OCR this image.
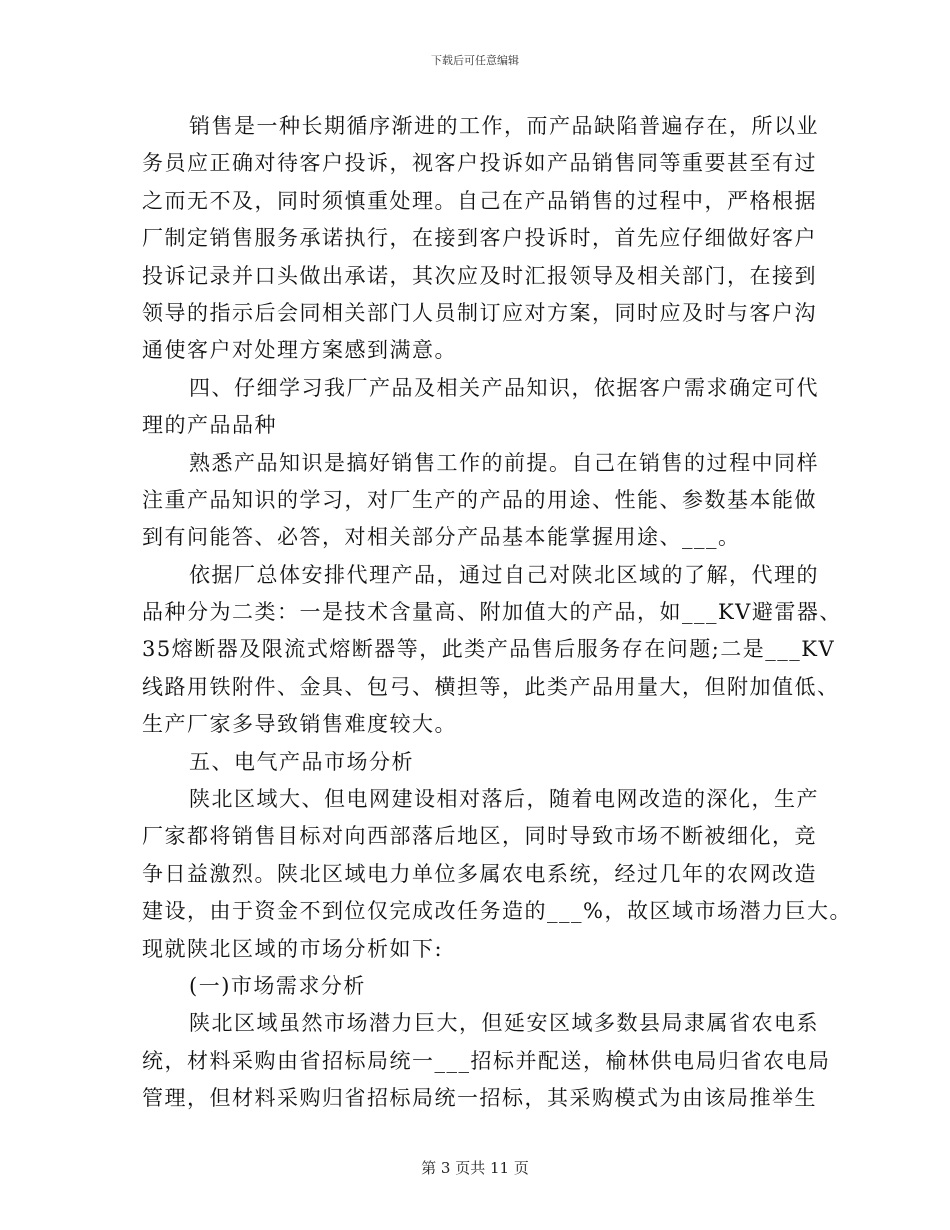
下载后可任意编辑
销售是一种长期循序渐进的工作，而产品缺陷普遍存在，所以业
务员应正确对待客户投诉，视客户投诉如产品销售同等重要甚至有过
之而无不及，同时须慎重处理。自己在产品销售的过程中，严格根据
厂制定销售服务承诺执行，在接到客户投诉时，首先应仔细做好客户
投诉记录并口头做出承诺，其次应及时汇报领导及相关部门，在接到
领导的指示后会同相关部门人员制订应对方案，同时应及时与客户沟
通使客户对处理方案感到满意。
四、仔细学习我厂产品及相关产品知识，依据客户需求确定可代
理的产品品种
熟悉产品知识是搞好销售工作的前提。自己在销售的过程中同样
注重产品知识的学习，对厂生产的产品的用途、性能、参数基本能做
到有问能答、必答，对相关部分产品基本能掌握用途、___。
依据厂总体安排代理产品，通过自己对陕北区域的了解，代理的
品种分为二类：一是技术含量高、附加值大的产品，如___KV避雷器、
35熔断器及限流式熔断器等，此类产品售后服务存在问题;二是___KV
线路用铁附件、金具、包弓、横担等，此类产品用量大，但附加值低、
生产厂家多导致销售难度较大。
五、电气产品市场分析
陕北区域大、但电网建设相对落后，随着电网改造的深化，生产
厂家都将销售目标对向西部落后地区，同时导致市场不断被细化，竞
争日益激烈。陕北区域电力单位多属农电系统，经过几年的农网改造
建设，由于资金不到位仅完成改任务造的___%，故区域市场潜力巨大。
现就陕北区域的市场分析如下:
(一)市场需求分析
陕北区域虽然市场潜力巨大，但延安区域多数县局隶属省农电系
统，材料采购由省招标局统一___招标并配送，榆林供电局归省农电局
管理，但材料采购归省招标局统一招标，其采购模式为由该局推举生
第 3 页共 11 页
